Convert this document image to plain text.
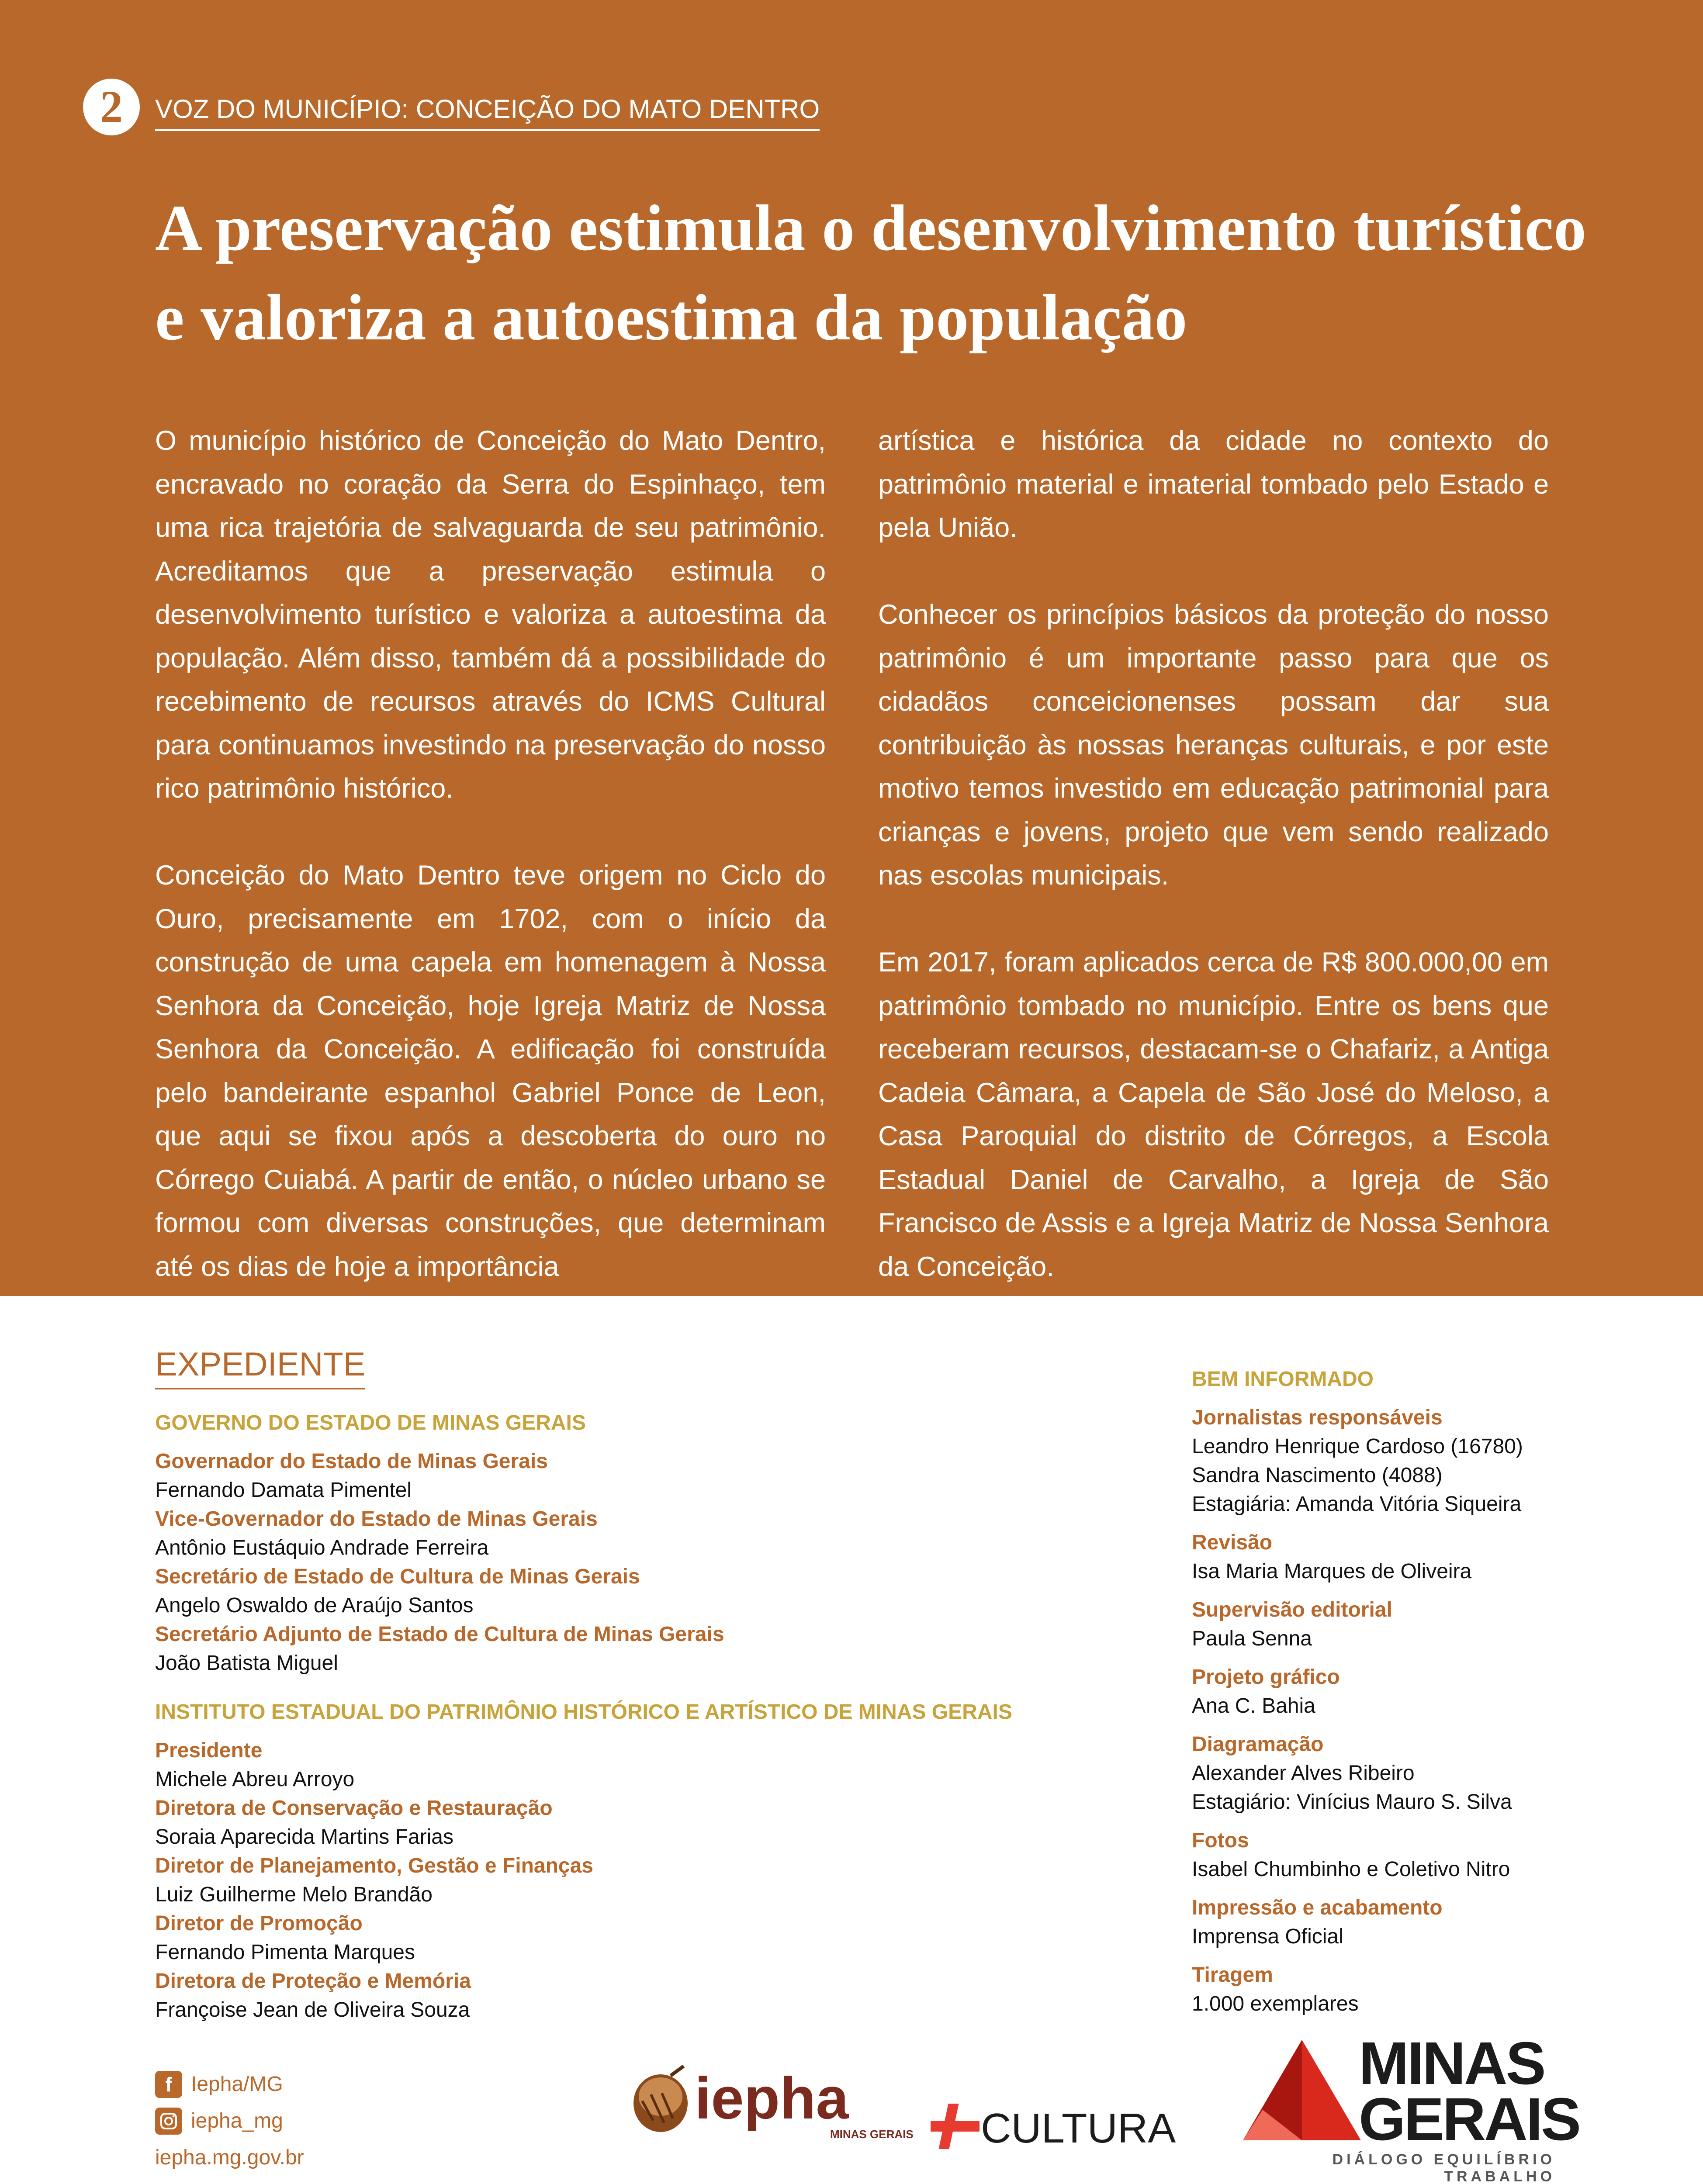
2	VOZ DO MUNICÍPIO: CONCEIÇÃO DO MATO DENTRO
A preservação estimula o desenvolvimento turístico e valoriza a autoestima da população

O município histórico de Conceição do Mato Dentro, encravado no coração da Serra do Espinhaço, tem uma rica trajetória de salvaguarda de seu patrimônio. Acreditamos que a preservação estimula o desenvolvimento turístico e valoriza a autoestima da população. Além disso, também dá a possibilidade do recebimento de recursos através do ICMS Cultural para continuamos investindo na preservação do nosso rico patrimônio histórico.

Conceição do Mato Dentro teve origem no Ciclo do Ouro, precisamente em 1702, com o início da construção de uma capela em homenagem à Nossa Senhora da Conceição, hoje Igreja Matriz de Nossa Senhora da Conceição. A edificação foi construída pelo bandeirante espanhol Gabriel Ponce de Leon, que aqui se fixou após a descoberta do ouro no Córrego Cuiabá. A partir de então, o núcleo urbano se formou com diversas construções, que determinam até os dias de hoje a importância

artística e histórica da cidade no contexto do patrimônio material e imaterial tombado pelo Estado e pela União.

Conhecer os princípios básicos da proteção do nosso patrimônio é um importante passo para que os cidadãos conceicionenses possam dar sua contribuição às nossas heranças culturais, e por este motivo temos investido em educação patrimonial para crianças e jovens, projeto que vem sendo realizado nas escolas municipais.

Em 2017, foram aplicados cerca de R$ 800.000,00 em patrimônio tombado no município. Entre os bens que receberam recursos, destacam-se o Chafariz, a Antiga Cadeia Câmara, a Capela de São José do Meloso, a Casa Paroquial do distrito de Córregos, a Escola Estadual Daniel de Carvalho, a Igreja de São Francisco de Assis e a Igreja Matriz de Nossa Senhora da Conceição.

Prefeito José Fernando Aparecido de Oliveira

EXPEDIENTE
GOVERNO DO ESTADO DE MINAS GERAIS
Governador do Estado de Minas Gerais
Fernando Damata Pimentel
Vice-Governador do Estado de Minas Gerais
Antônio Eustáquio Andrade Ferreira
Secretário de Estado de Cultura de Minas Gerais
Angelo Oswaldo de Araújo Santos
Secretário Adjunto de Estado de Cultura de Minas Gerais
João Batista Miguel
INSTITUTO ESTADUAL DO PATRIMÔNIO HISTÓRICO E ARTÍSTICO DE MINAS GERAIS
Presidente
Michele Abreu Arroyo
Diretora de Conservação e Restauração
Soraia Aparecida Martins Farias
Diretor de Planejamento, Gestão e Finanças
Luiz Guilherme Melo Brandão
Diretor de Promoção
Fernando Pimenta Marques
Diretora de Proteção e Memória
Françoise Jean de Oliveira Souza
BEM INFORMADO
Jornalistas responsáveis
Leandro Henrique Cardoso (16780)
Sandra Nascimento (4088)
Estagiária: Amanda Vitória Siqueira
Revisão
Isa Maria Marques de Oliveira
Supervisão editorial
Paula Senna
Projeto gráfico
Ana C. Bahia
Diagramação
Alexander Alves Ribeiro
Estagiário: Vinícius Mauro S. Silva
Fotos
Isabel Chumbinho e Coletivo Nitro
Impressão e acabamento
Imprensa Oficial
Tiragem
1.000 exemplares
f Iepha/MG
iepha_mg
iepha.mg.gov.br
iepha
MINAS GERAIS CULTURA
MINAS
GERAIS
DIÁLOGO EQUILÍBRIO TRABALHO
